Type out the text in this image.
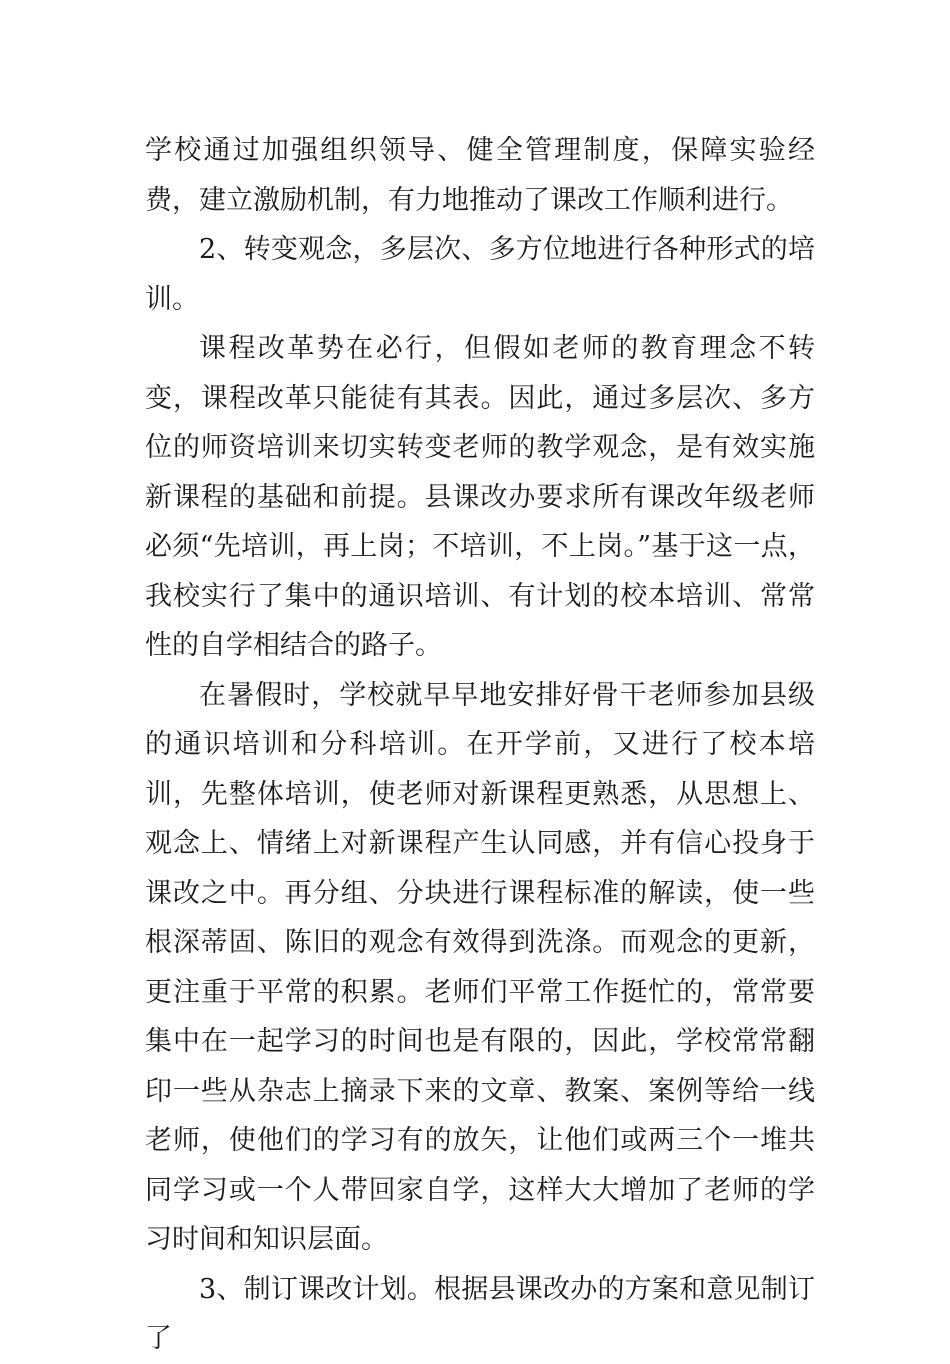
学校通过加强组织领导、健全管理制度，保障实验经费，建立激励机制，有力地推动了课改工作顺利进行。

2、转变观念，多层次、多方位地进行各种形式的培训。

课程改革势在必行，但假如老师的教育理念不转变，课程改革只能徒有其表。因此，通过多层次、多方位的师资培训来切实转变老师的教学观念，是有效实施新课程的基础和前提。县课改办要求所有课改年级老师必须“先培训，再上岗；不培训，不上岗。”基于这一点，我校实行了集中的通识培训、有计划的校本培训、常常性的自学相结合的路子。

在暑假时，学校就早早地安排好骨干老师参加县级的通识培训和分科培训。在开学前，又进行了校本培训，先整体培训，使老师对新课程更熟悉，从思想上、观念上、情绪上对新课程产生认同感，并有信心投身于课改之中。再分组、分块进行课程标准的解读，使一些根深蒂固、陈旧的观念有效得到洗涤。而观念的更新，更注重于平常的积累。老师们平常工作挺忙的，常常要集中在一起学习的时间也是有限的，因此，学校常常翻印一些从杂志上摘录下来的文章、教案、案例等给一线老师，使他们的学习有的放矢，让他们或两三个一堆共同学习或一个人带回家自学，这样大大增加了老师的学习时间和知识层面。

3、制订课改计划。根据县课改办的方案和意见制订了
